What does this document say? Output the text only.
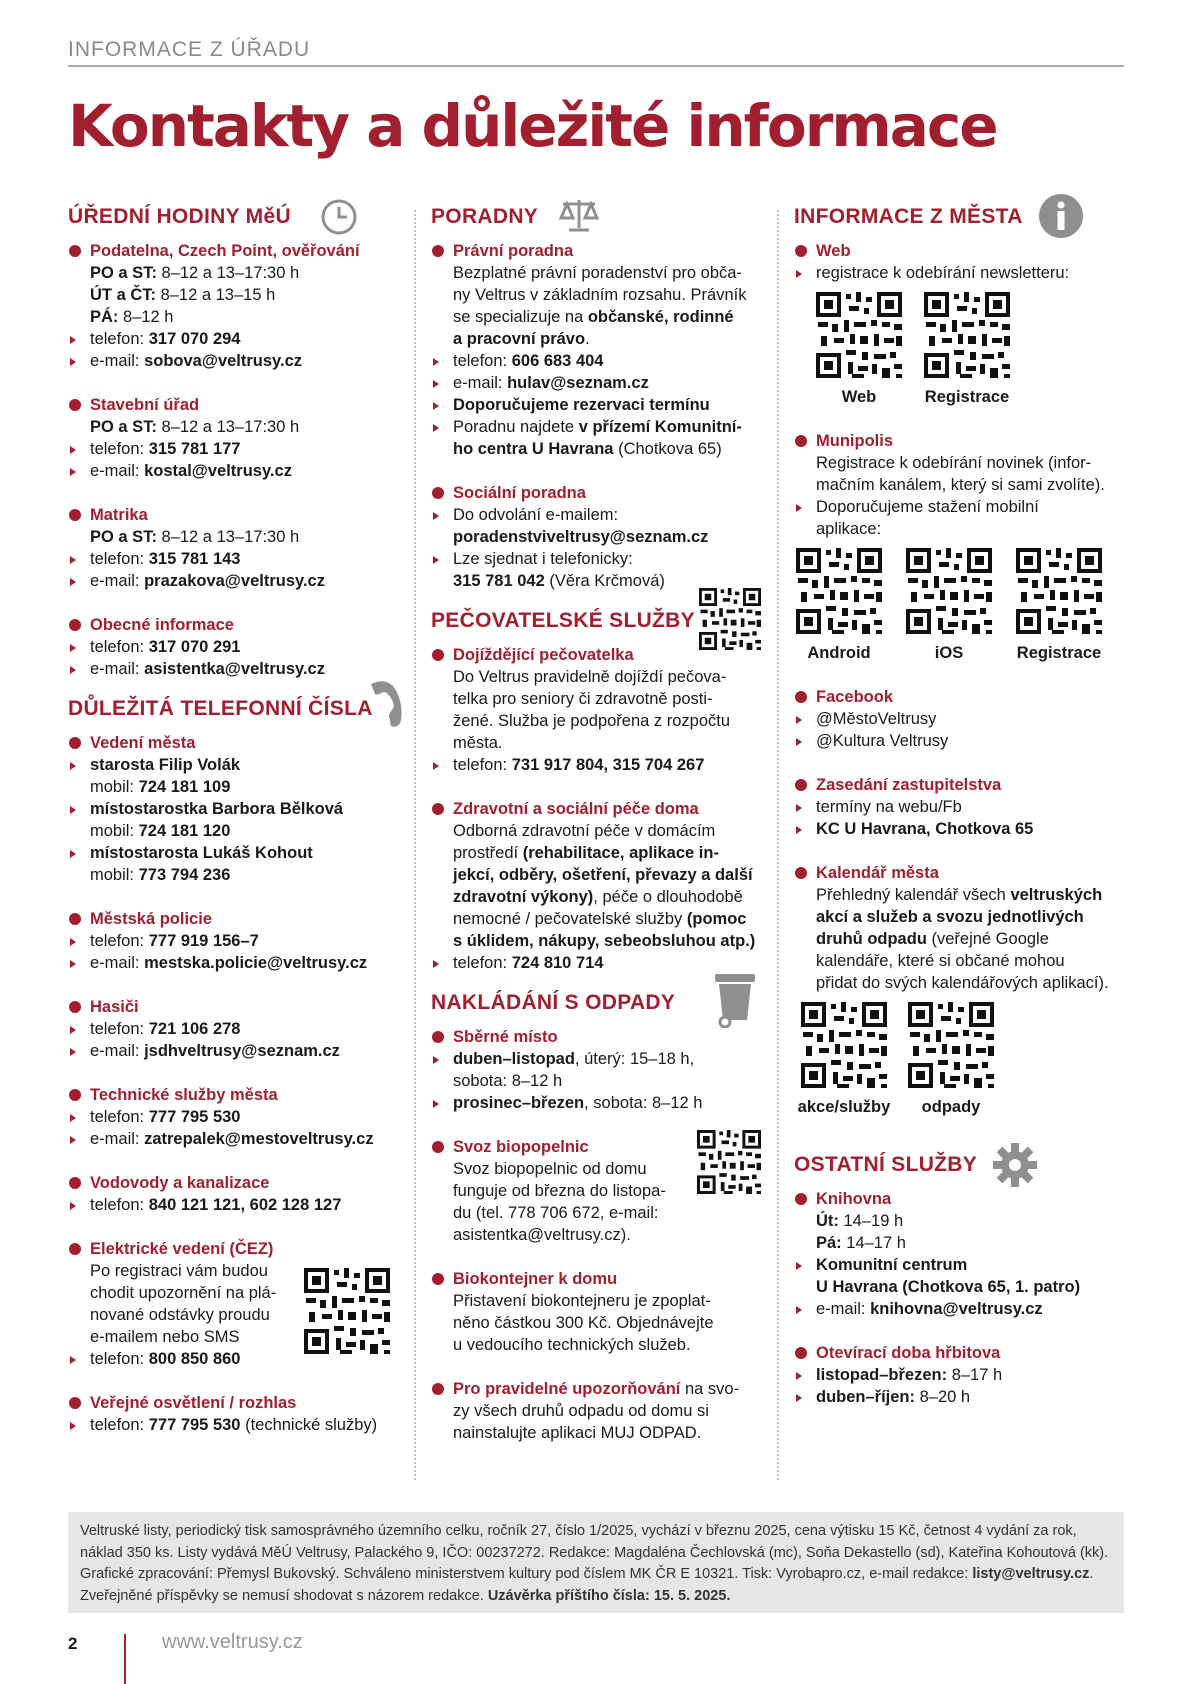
INFORMACE Z ÚŘADU
Kontakty a důležité informace
ÚŘEDNÍ HODINY MěÚ
Podatelna, Czech Point, ověřování
PO a ST: 8–12 a 13–17:30 h
ÚT a ČT: 8–12 a 13–15 h
PÁ: 8–12 h
telefon: 317 070 294
e-mail: sobova@veltrusy.cz
Stavební úřad
PO a ST: 8–12 a 13–17:30 h
telefon: 315 781 177
e-mail: kostal@veltrusy.cz
Matrika
PO a ST: 8–12 a 13–17:30 h
telefon: 315 781 143
e-mail: prazakova@veltrusy.cz
Obecné informace
telefon: 317 070 291
e-mail: asistentka@veltrusy.cz
DŮLEŽITÁ TELEFONNÍ ČÍSLA
Vedení města
starosta Filip Volák
mobil: 724 181 109
místostarostka Barbora Bělková
mobil: 724 181 120
místostarosta Lukáš Kohout
mobil: 773 794 236
Městská policie
telefon: 777 919 156–7
e-mail: mestska.policie@veltrusy.cz
Hasiči
telefon: 721 106 278
e-mail: jsdhveltrusy@seznam.cz
Technické služby města
telefon: 777 795 530
e-mail: zatrepalek@mestoveltrusy.cz
Vodovody a kanalizace
telefon: 840 121 121, 602 128 127
Elektrické vedení (ČEZ)
Po registraci vám budou
chodit upozornění na plá-
nované odstávky proudu
e-mailem nebo SMS
telefon: 800 850 860
Veřejné osvětlení / rozhlas
telefon: 777 795 530 (technické služby)
PORADNY
Právní poradna
Bezplatné právní poradenství pro obča-
ny Veltrus v základním rozsahu. Právník
se specializuje na občanské, rodinné
a pracovní právo.
telefon: 606 683 404
e-mail: hulav@seznam.cz
Doporučujeme rezervaci termínu
Poradnu najdete v přízemí Komunitní-
ho centra U Havrana (Chotkova 65)
Sociální poradna
Do odvolání e-mailem:
poradenstviveltrusy@seznam.cz
Lze sjednat i telefonicky:
315 781 042 (Věra Krčmová)
PEČOVATELSKÉ SLUŽBY
Dojíždějící pečovatelka
Do Veltrus pravidelně dojíždí pečova-
telka pro seniory či zdravotně posti-
žené. Služba je podpořena z rozpočtu
města.
telefon: 731 917 804, 315 704 267
Zdravotní a sociální péče doma
Odborná zdravotní péče v domácím
prostředí (rehabilitace, aplikace in-
jekcí, odběry, ošetření, převazy a další
zdravotní výkony), péče o dlouhodobě
nemocné / pečovatelské služby (pomoc
s úklidem, nákupy, sebeobsluhou atp.)
telefon: 724 810 714
NAKLÁDÁNÍ S ODPADY
Sběrné místo
duben–listopad, úterý: 15–18 h,
sobota: 8–12 h
prosinec–březen, sobota: 8–12 h
Svoz biopopelnic
Svoz biopopelnic od domu
funguje od března do listopa-
du (tel. 778 706 672, e-mail:
asistentka@veltrusy.cz).
Biokontejner k domu
Přistavení biokontejneru je zpoplat-
něno částkou 300 Kč. Objednávejte
u vedoucího technických služeb.
Pro pravidelné upozorňování na svo-
zy všech druhů odpadu od domu si
nainstalujte aplikaci MUJ ODPAD.
INFORMACE Z MĚSTA
Web
registrace k odebírání newsletteru:
Web	Registrace
Munipolis
Registrace k odebírání novinek (infor-
mačním kanálem, který si sami zvolíte).
Doporučujeme stažení mobilní
aplikace:
Android	iOS	Registrace
Facebook
@MěstoVeltrusy
@Kultura Veltrusy
Zasedání zastupitelstva
termíny na webu/Fb
KC U Havrana, Chotkova 65
Kalendář města
Přehledný kalendář všech veltruských
akcí a služeb a svozu jednotlivých
druhů odpadu (veřejné Google
kalendáře, které si občané mohou
přidat do svých kalendářových aplikací).
akce/služby	odpady
OSTATNÍ SLUŽBY
Knihovna
Út: 14–19 h
Pá: 14–17 h
Komunitní centrum
U Havrana (Chotkova 65, 1. patro)
e-mail: knihovna@veltrusy.cz
Otevírací doba hřbitova
listopad–březen: 8–17 h
duben–říjen: 8–20 h
Veltruské listy, periodický tisk samosprávného územního celku, ročník 27, číslo 1/2025, vychází v březnu 2025, cena výtisku 15 Kč, četnost 4 vydání za rok, náklad 350 ks. Listy vydává MěÚ Veltrusy, Palackého 9, IČO: 00237272. Redakce: Magdaléna Čechlovská (mc), Soňa Dekastello (sd), Kateřina Kohoutová (kk). Grafické zpracování: Přemysl Bukovský. Schváleno ministerstvem kultury pod číslem MK ČR E 10321. Tisk: Vyrobapro.cz, e-mail redakce: listy@veltrusy.cz. Zveřejněné příspěvky se nemusí shodovat s názorem redakce. Uzávěrka příštího čísla: 15. 5. 2025.
2	www.veltrusy.cz
